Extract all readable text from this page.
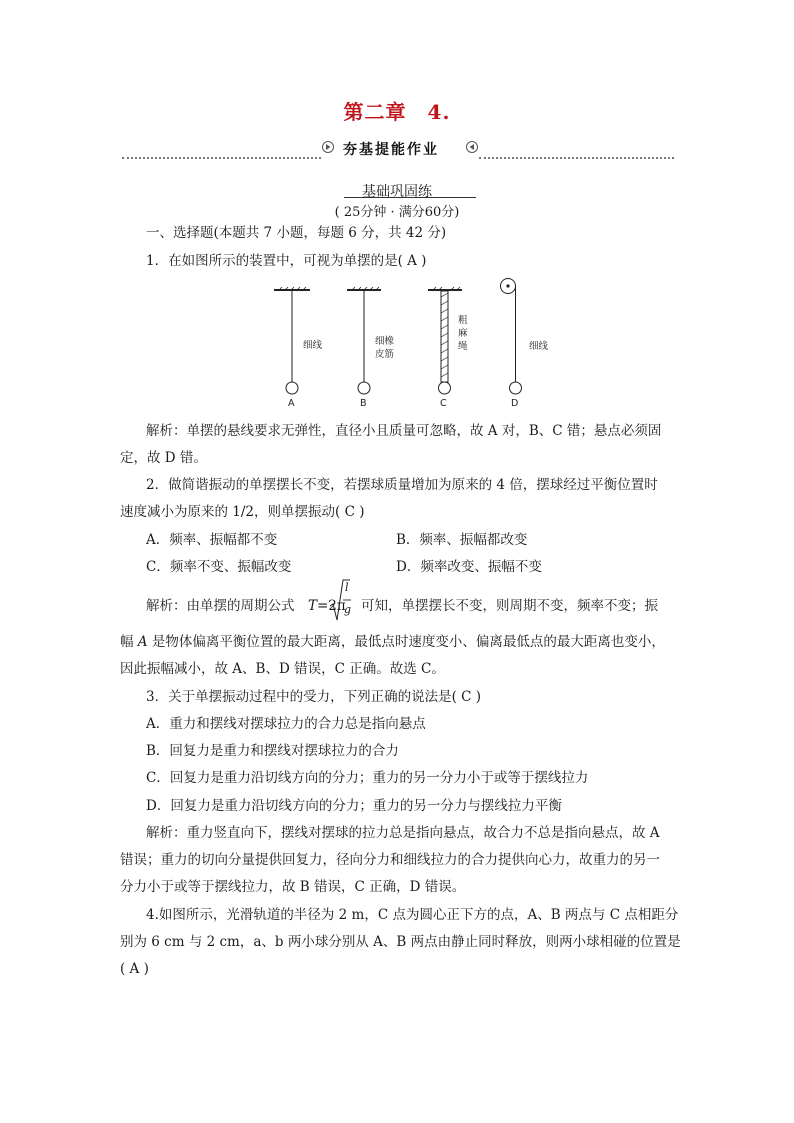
第二章　4.
夯基提能作业
基础巩固练
( 25分钟 · 满分60分)
一、选择题(本题共 7 小题，每题 6 分，共 42 分)
1．在如图所示的装置中，可视为单摆的是( A )
细线	细橡
皮筋
粗
麻
绳	细线
A	B	C	D
解析：单摆的悬线要求无弹性，直径小且质量可忽略，故 A 对，B、C 错；悬点必须固
定，故 D 错。
2．做简谐振动的单摆摆长不变，若摆球质量增加为原来的 4 倍，摆球经过平衡位置时
速度减小为原来的 1/2，则单摆振动( C )
A．频率、振幅都不变	B．频率、振幅都改变
C．频率不变、振幅改变	D．频率改变、振幅不变
解析：由单摆的周期公式 T =2π
l
g 可知，单摆摆长不变，则周期不变，频率不变；振
幅 A 是物体偏离平衡位置的最大距离，最低点时速度变小、偏离最低点的最大距离也变小，
因此振幅减小，故 A、B、D 错误，C 正确。故选 C。
3．关于单摆振动过程中的受力，下列正确的说法是( C )
A．重力和摆线对摆球拉力的合力总是指向悬点
B．回复力是重力和摆线对摆球拉力的合力
C．回复力是重力沿切线方向的分力；重力的另一分力小于或等于摆线拉力
D．回复力是重力沿切线方向的分力；重力的另一分力与摆线拉力平衡
解析：重力竖直向下，摆线对摆球的拉力总是指向悬点，故合力不总是指向悬点，故 A
错误；重力的切向分量提供回复力，径向分力和细线拉力的合力提供向心力，故重力的另一
分力小于或等于摆线拉力，故 B 错误，C 正确，D 错误。
4.如图所示，光滑轨道的半径为 2 m，C 点为圆心正下方的点，A、B 两点与 C 点相距分
别为 6 cm 与 2 cm，a、b 两小球分别从 A、B 两点由静止同时释放，则两小球相碰的位置是
( A )
